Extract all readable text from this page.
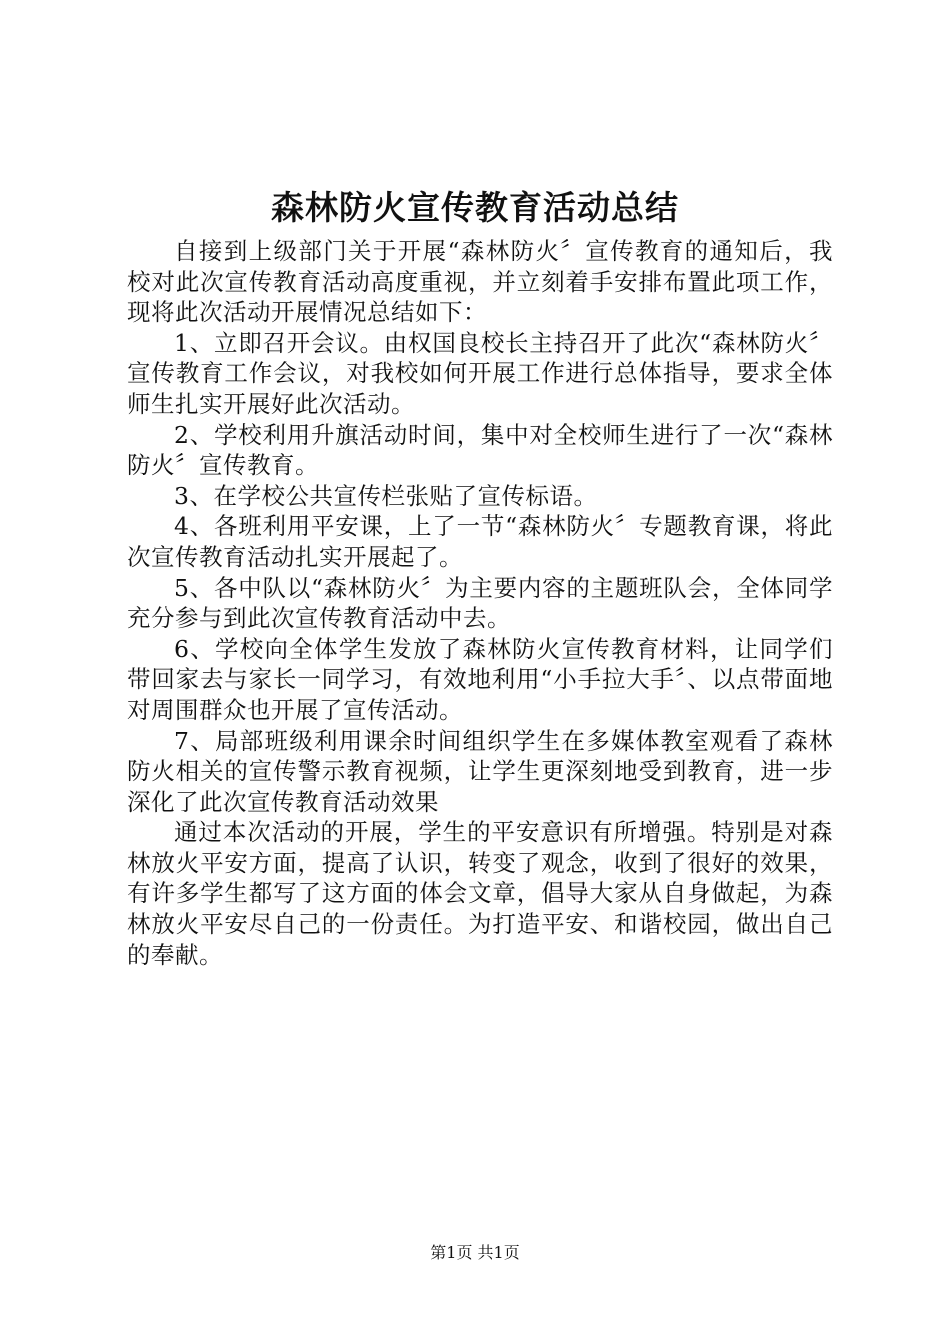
森林防火宣传教育活动总结

自接到上级部门关于开展“森林防火〞宣传教育的通知后，我校对此次宣传教育活动高度重视，并立刻着手安排布置此项工作，现将此次活动开展情况总结如下：

1、立即召开会议。由权国良校长主持召开了此次“森林防火〞宣传教育工作会议，对我校如何开展工作进行总体指导，要求全体师生扎实开展好此次活动。

2、学校利用升旗活动时间，集中对全校师生进行了一次“森林防火〞宣传教育。

3、在学校公共宣传栏张贴了宣传标语。

4、各班利用平安课，上了一节“森林防火〞专题教育课，将此次宣传教育活动扎实开展起了。

5、各中队以“森林防火〞为主要内容的主题班队会，全体同学充分参与到此次宣传教育活动中去。

6、学校向全体学生发放了森林防火宣传教育材料，让同学们带回家去与家长一同学习，有效地利用“小手拉大手〞、以点带面地对周围群众也开展了宣传活动。

7、局部班级利用课余时间组织学生在多媒体教室观看了森林防火相关的宣传警示教育视频，让学生更深刻地受到教育，进一步深化了此次宣传教育活动效果

通过本次活动的开展，学生的平安意识有所增强。特别是对森林放火平安方面，提高了认识，转变了观念，收到了很好的效果，有许多学生都写了这方面的体会文章，倡导大家从自身做起，为森林放火平安尽自己的一份责任。为打造平安、和谐校园，做出自己的奉献。

第1页 共1页
